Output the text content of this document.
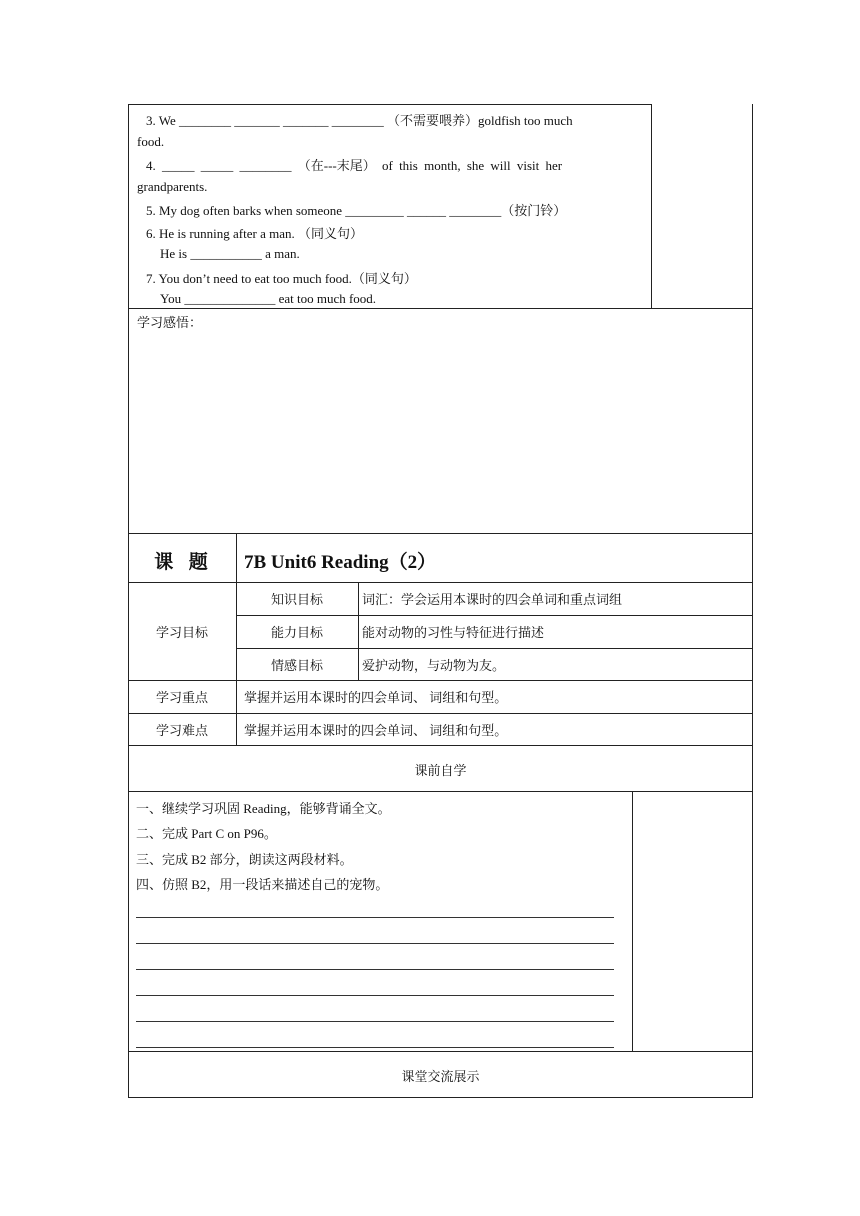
3. We ________ _______ _______ ________ （不需要喂养）goldfish too much
food.
4. _____ _____ ________ （在---末尾） of this month, she will visit her
grandparents.
5. My dog often barks when someone _________ ______ ________（按门铃）
6. He is running after a man. （同义句）
He is ___________ a man.
7. You don’t need to eat too much food.（同义句）
You ______________ eat too much food.
学习感悟：
课  题	7B Unit6 Reading（2）
学习目标
知识目标	词汇：学会运用本课时的四会单词和重点词组
能力目标	能对动物的习性与特征进行描述
情感目标	爱护动物，与动物为友。
学习重点	掌握并运用本课时的四会单词、 词组和句型。
学习难点	掌握并运用本课时的四会单词、 词组和句型。
课前自学
一、继续学习巩固 Reading，能够背诵全文。
二、完成 Part C on P96。
三、完成 B2 部分，朗读这两段材料。
四、仿照 B2，用一段话来描述自己的宠物。
课堂交流展示
